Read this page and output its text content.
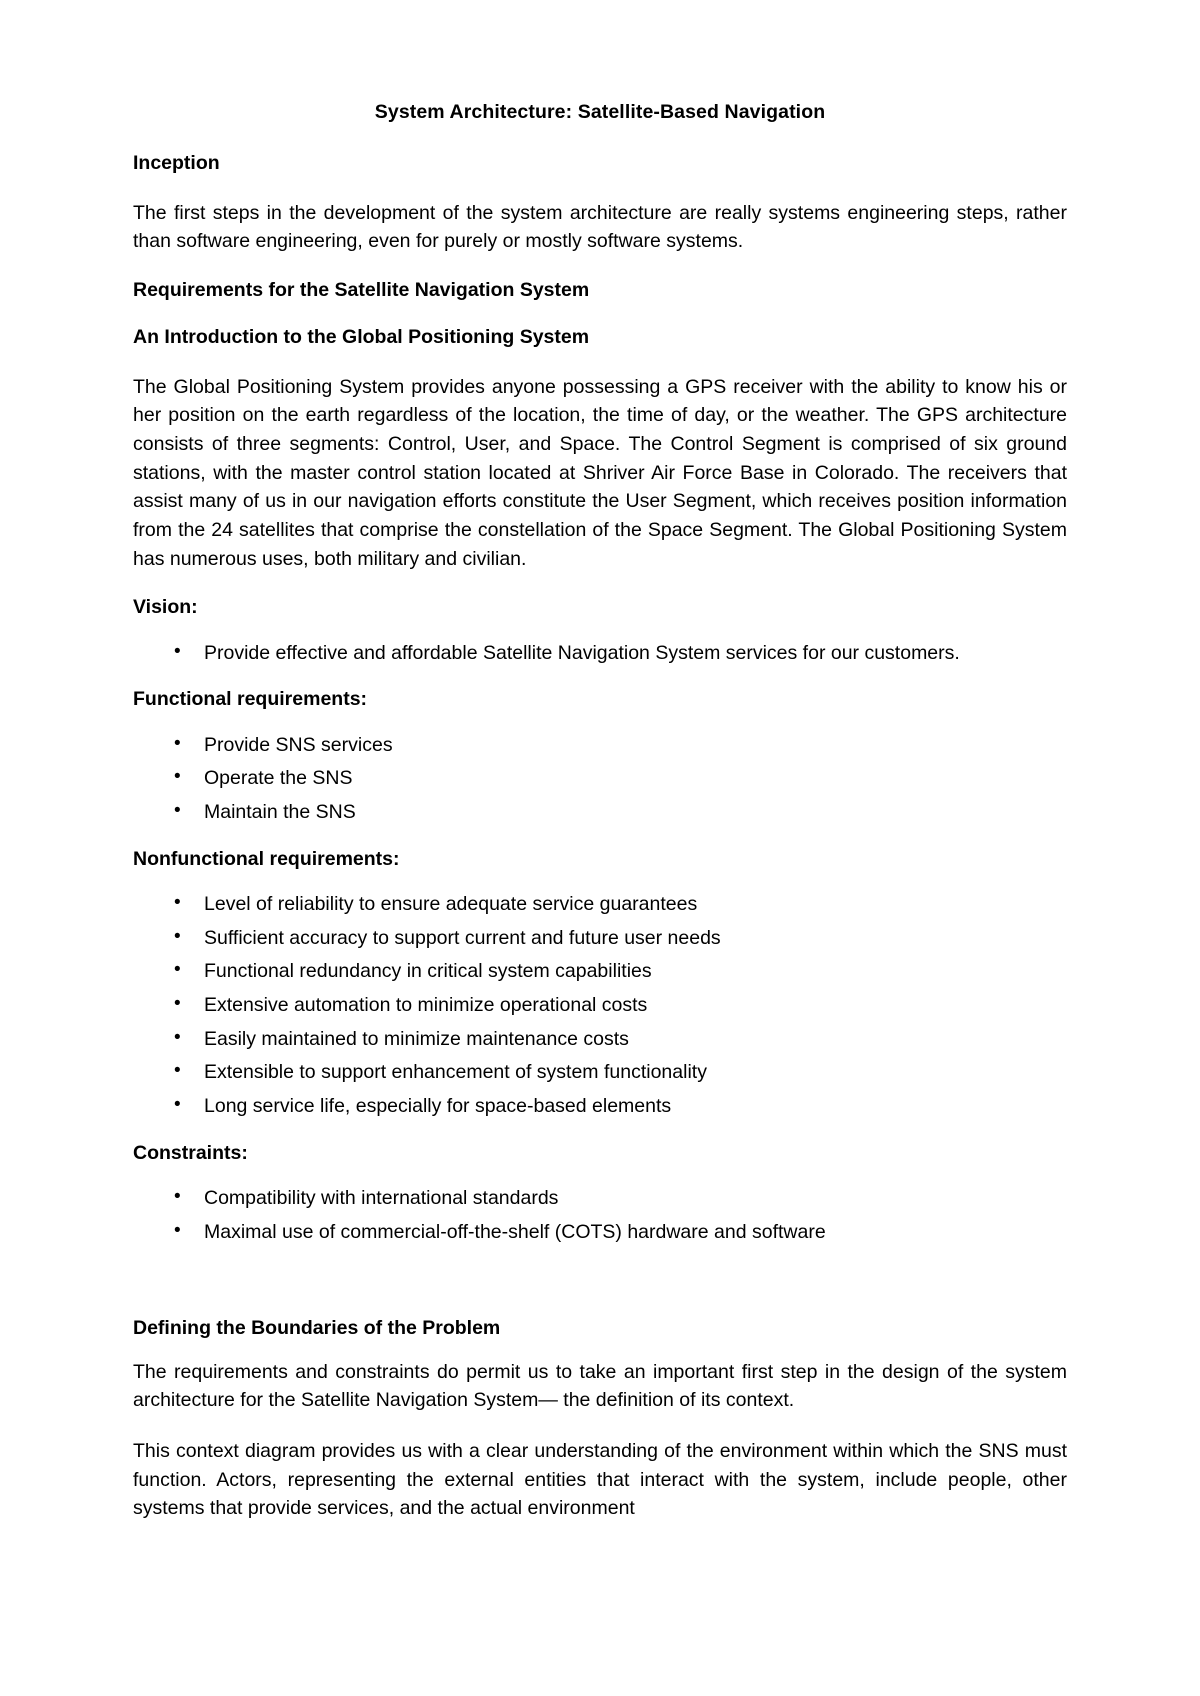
System Architecture: Satellite-Based Navigation
Inception

The first steps in the development of the system architecture are really systems engineering steps, rather than software engineering, even for purely or mostly software systems.

Requirements for the Satellite Navigation System
An Introduction to the Global Positioning System

The Global Positioning System provides anyone possessing a GPS receiver with the ability to know his or her position on the earth regardless of the location, the time of day, or the weather. The GPS architecture consists of three segments: Control, User, and Space. The Control Segment is comprised of six ground stations, with the master control station located at Shriver Air Force Base in Colorado. The receivers that assist many of us in our navigation efforts constitute the User Segment, which receives position information from the 24 satellites that comprise the constellation of the Space Segment. The Global Positioning System has numerous uses, both military and civilian.

Vision:
• Provide effective and affordable Satellite Navigation System services for our customers.
Functional requirements:
• Provide SNS services
• Operate the SNS
• Maintain the SNS
Nonfunctional requirements:
• Level of reliability to ensure adequate service guarantees
• Sufficient accuracy to support current and future user needs
• Functional redundancy in critical system capabilities
• Extensive automation to minimize operational costs
• Easily maintained to minimize maintenance costs
• Extensible to support enhancement of system functionality
• Long service life, especially for space-based elements
Constraints:
• Compatibility with international standards
• Maximal use of commercial-off-the-shelf (COTS) hardware and software
Defining the Boundaries of the Problem

The requirements and constraints do permit us to take an important first step in the design of the system architecture for the Satellite Navigation System— the definition of its context.

This context diagram provides us with a clear understanding of the environment within which the SNS must function. Actors, representing the external entities that interact with the system, include people, other systems that provide services, and the actual environment
